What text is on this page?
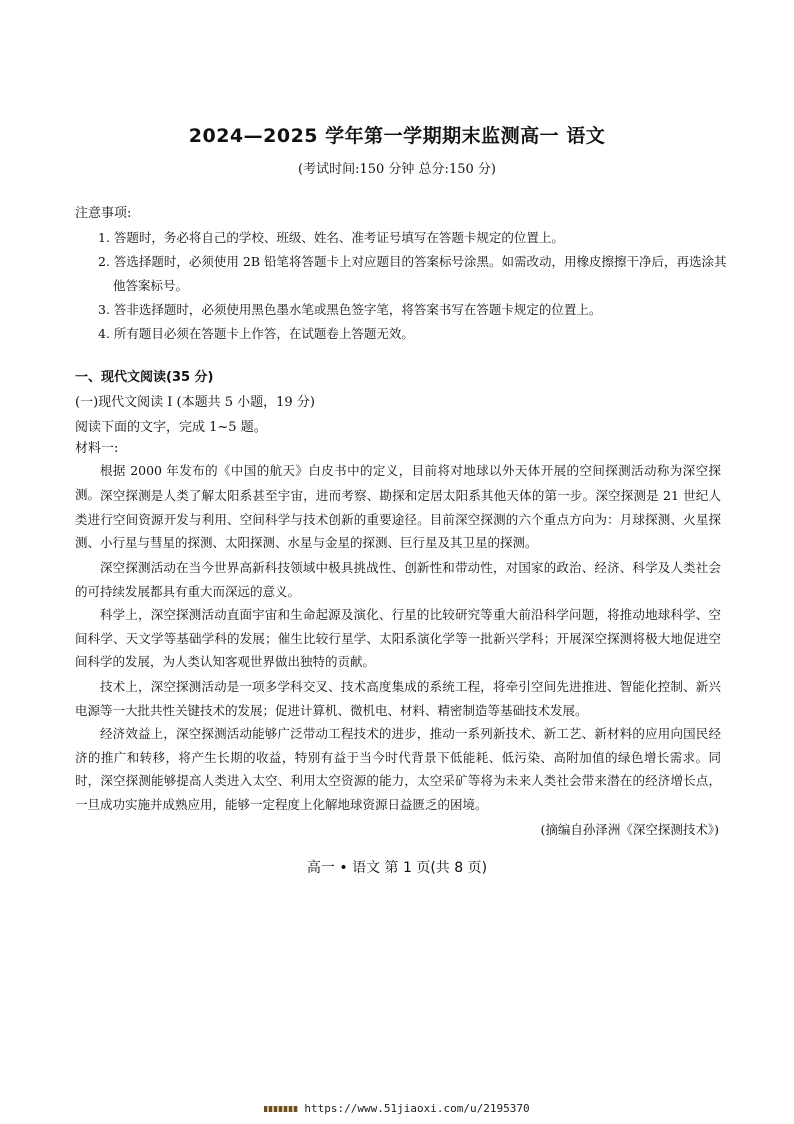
2024—2025 学年第一学期期末监测高一 语文
(考试时间:150 分钟 总分:150 分)
注意事项:
1. 答题时，务必将自己的学校、班级、姓名、准考证号填写在答题卡规定的位置上。
2. 答选择题时，必须使用 2B 铅笔将答题卡上对应题目的答案标号涂黑。如需改动，用橡皮擦擦干净后，再选涂其
他答案标号。
3. 答非选择题时，必须使用黑色墨水笔或黑色签字笔，将答案书写在答题卡规定的位置上。
4. 所有题目必须在答题卡上作答，在试题卷上答题无效。
一、现代文阅读(35 分)
(一)现代文阅读 I (本题共 5 小题，19 分)
阅读下面的文字，完成 1~5 题。
材料一:
根据 2000 年发布的《中国的航天》白皮书中的定义，目前将对地球以外天体开展的空间探测活动称为深空探测。 深空探测是人类了解太阳系甚至宇宙，进而考察、勘探和定居太阳系其他天体的第一步。深空探测是 21 世纪人类进行空间资源开发与利用、空间科学与技术创新的重要途径。目前深空探测的六个重点方向为：月球探测、火星探测、小行星与彗星的探测、太阳探测、水星与金星的探测、巨行星及其卫星的探测。
深空探测活动在当今世界高新科技领域中极具挑战性、创新性和带动性，对国家的政治、经济、科学及人类社会的可持续发展都具有重大而深远的意义。
科学上，深空探测活动直面宇宙和生命起源及演化、行星的比较研究等重大前沿科学问题，将推动地球科学、空间科学、天文学等基础学科的发展；催生比较行星学、太阳系演化学等一批新兴学科；开展深空探测将极大地促进空间科学的发展，为人类认知客观世界做出独特的贡献。
技术上，深空探测活动是一项多学科交叉、技术高度集成的系统工程，将牵引空间先进推进、智能化控制、新兴电源等一大批共性关键技术的发展；促进计算机、微机电、材料、精密制造等基础技术发展。
经济效益上，深空探测活动能够广泛带动工程技术的进步，推动一系列新技术、新工艺、新材料的应用向国民经济的推广和转移，将产生长期的收益，特别有益于当今时代背景下低能耗、低污染、高附加值的绿色增长需求。同时，深空探测能够提高人类进入太空、利用太空资源的能力，太空采矿等将为未来人类社会带来潜在的经济增长点，一旦成功实施并成熟应用，能够一定程度上化解地球资源日益匮乏的困境。
(摘编自孙泽洲《深空探测技术》)
高一 • 语文 第 1 页(共 8 页)
https://www.51jiaoxi.com/u/2195370
